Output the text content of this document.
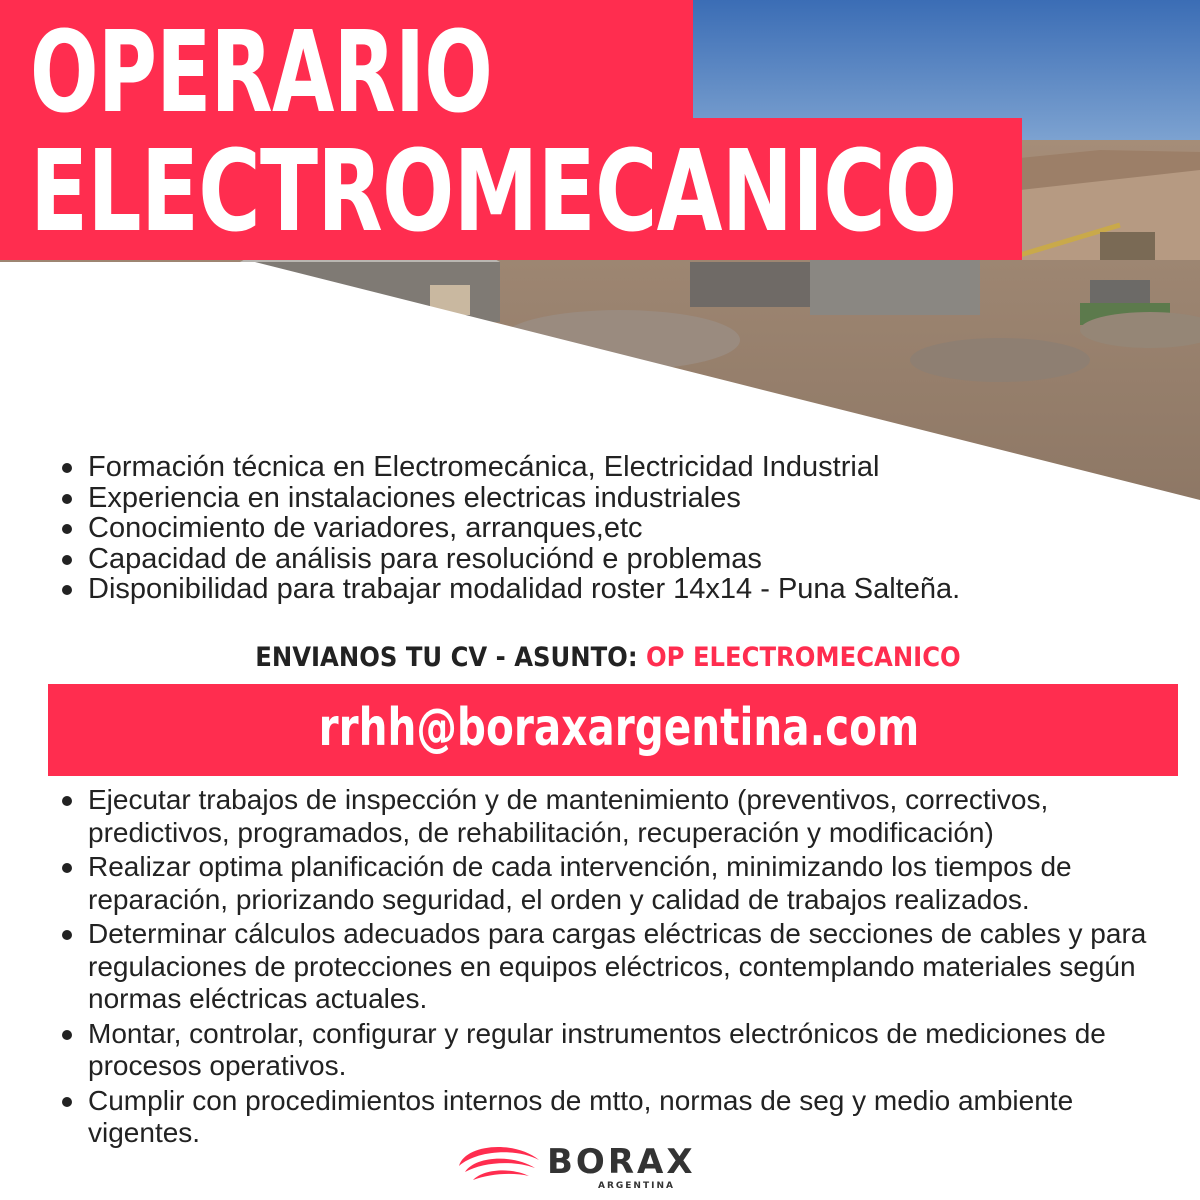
OPERARIO
ELECTROMECANICO
Formación técnica en Electromecánica, Electricidad Industrial
Experiencia en instalaciones electricas industriales
Conocimiento de variadores, arranques,etc
Capacidad de análisis para resoluciónd e problemas
Disponibilidad para trabajar modalidad roster 14x14 - Puna Salteña.
ENVIANOS TU CV - ASUNTO: OP ELECTROMECANICO
rrhh@boraxargentina.com
Ejecutar trabajos de inspección y de mantenimiento (preventivos, correctivos, predictivos, programados, de rehabilitación, recuperación y modificación)
Realizar optima planificación de cada intervención, minimizando los tiempos de reparación, priorizando seguridad, el orden y calidad de trabajos realizados.
Determinar cálculos adecuados para cargas eléctricas de secciones de cables y para regulaciones de protecciones en equipos eléctricos, contemplando materiales según normas eléctricas actuales.
Montar, controlar, configurar y regular instrumentos electrónicos de mediciones de procesos operativos.
Cumplir con procedimientos internos de mtto, normas de seg y medio ambiente vigentes.
BORAX
ARGENTINA
